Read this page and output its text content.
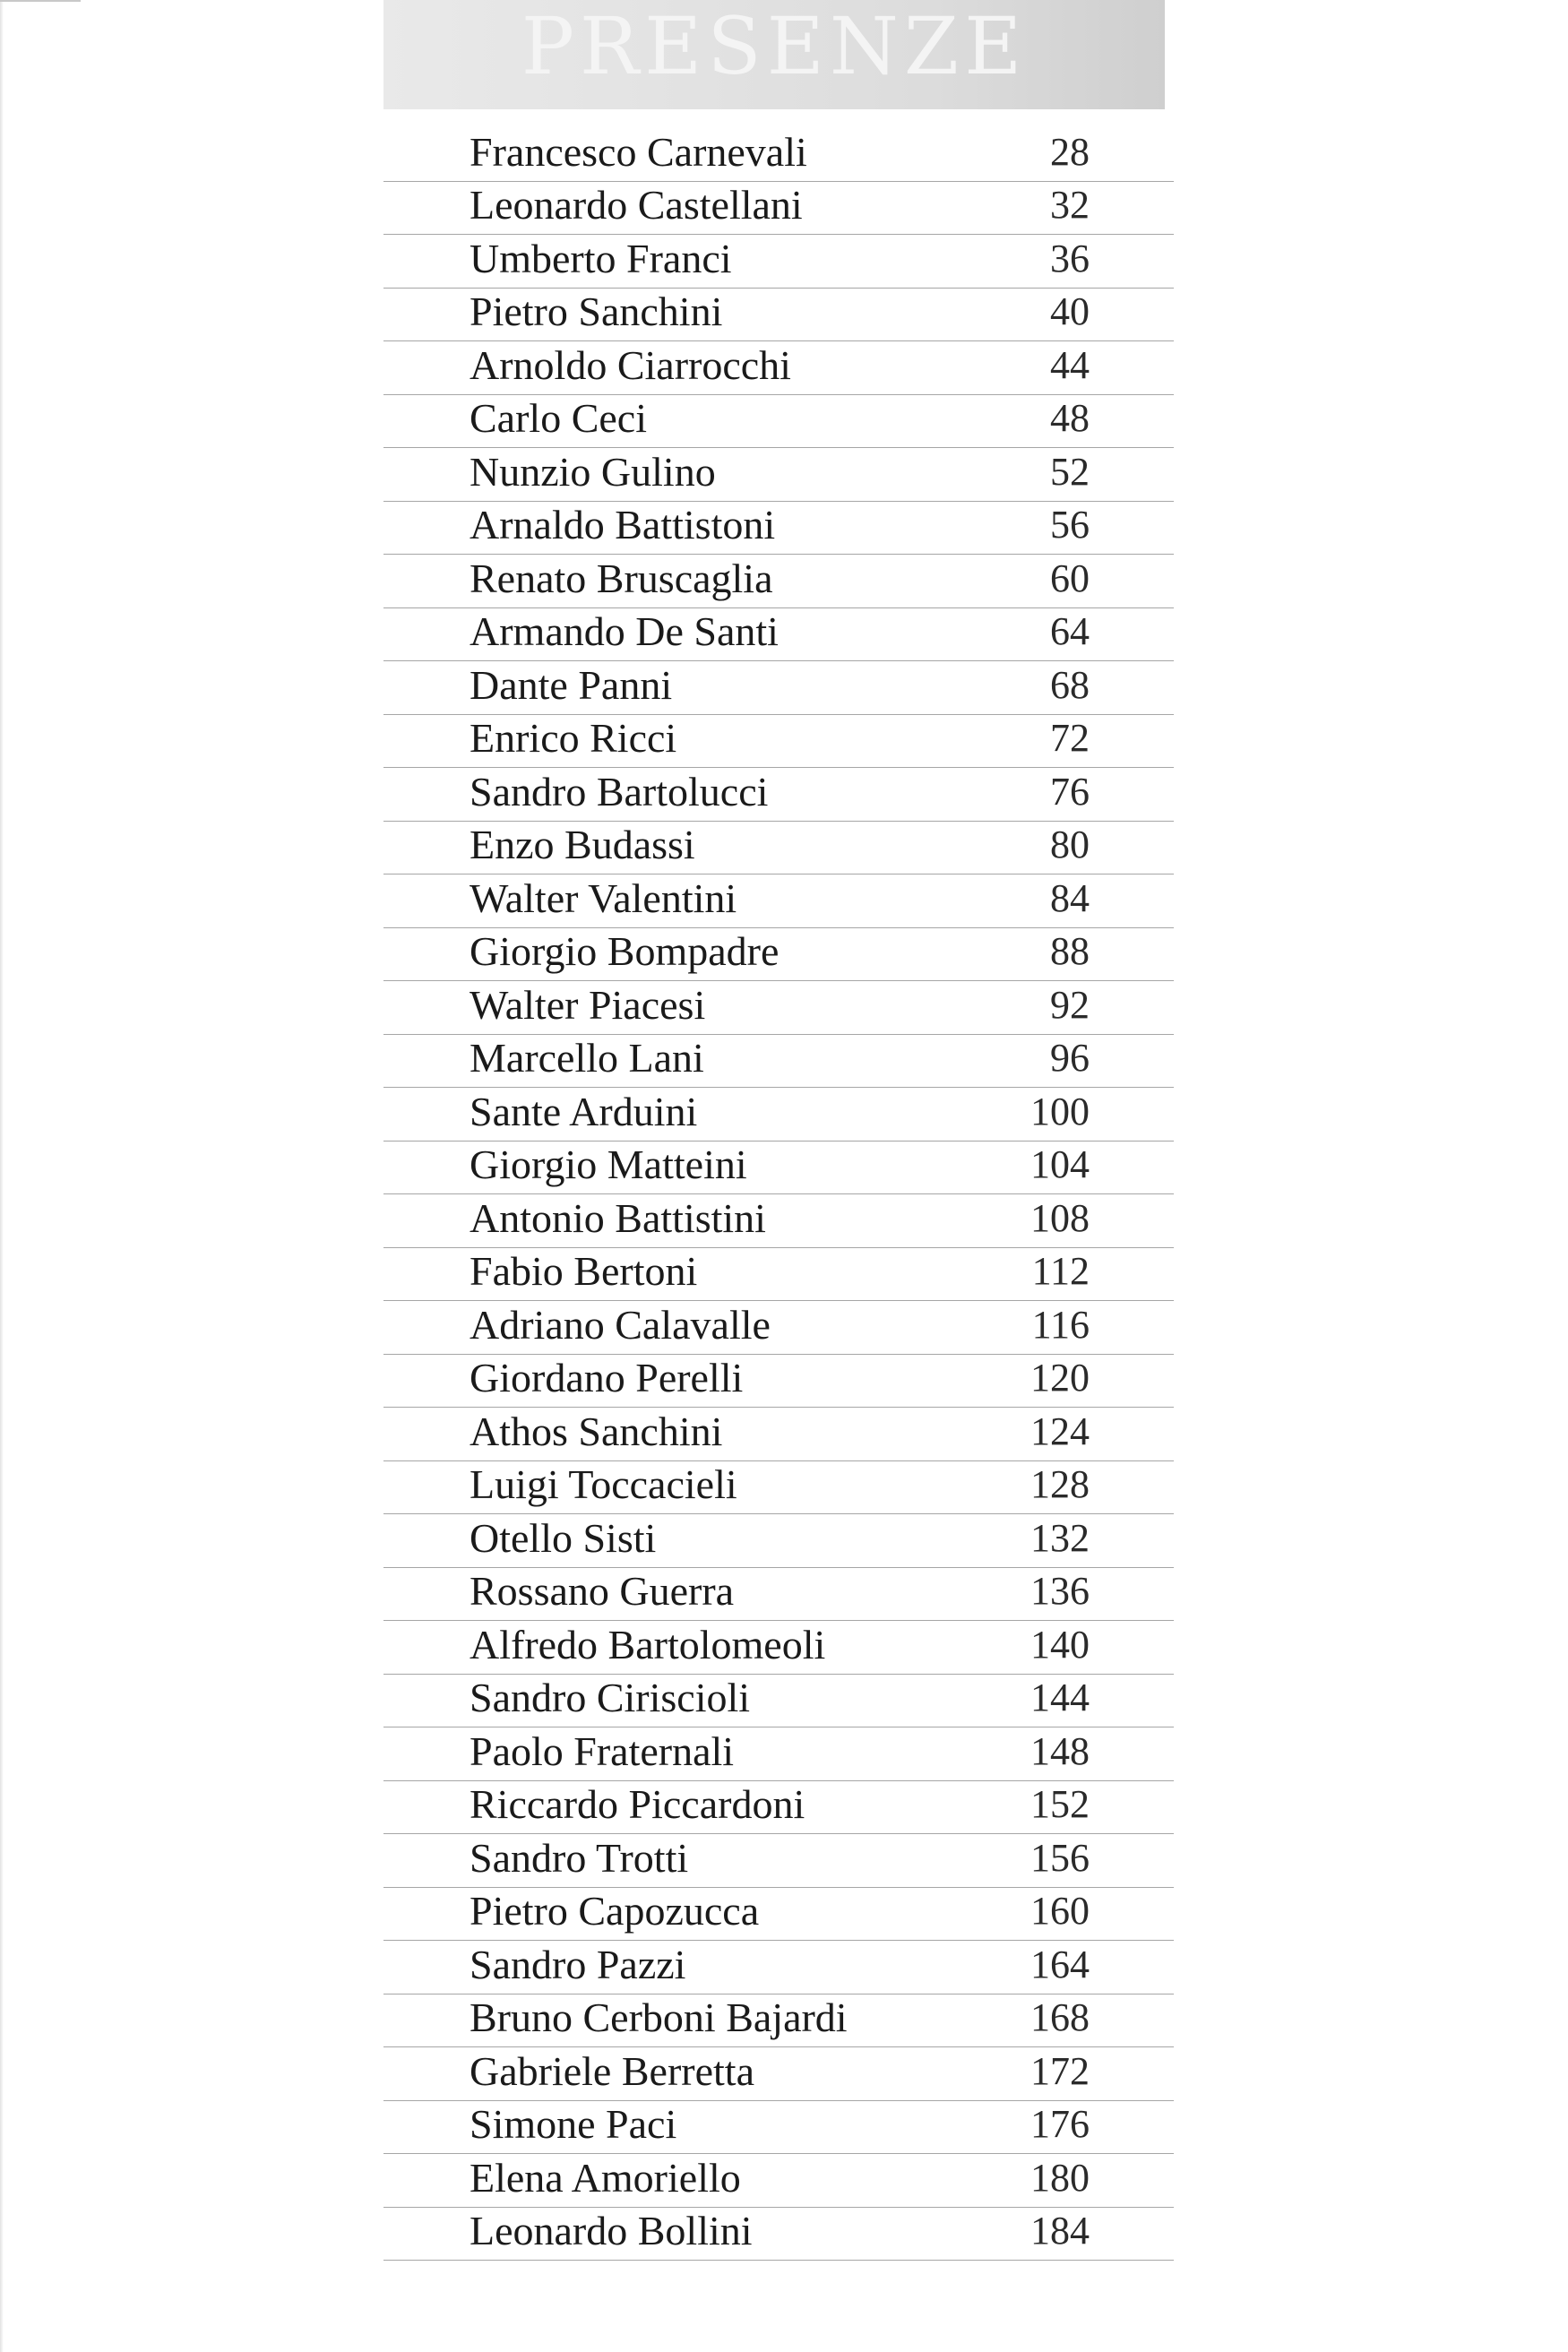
PRESENZE
Francesco Carnevali	28
Leonardo Castellani	32
Umberto Franci	36
Pietro Sanchini	40
Arnoldo Ciarrocchi	44
Carlo Ceci	48
Nunzio Gulino	52
Arnaldo Battistoni	56
Renato Bruscaglia	60
Armando De Santi	64
Dante Panni	68
Enrico Ricci	72
Sandro Bartolucci	76
Enzo Budassi	80
Walter Valentini	84
Giorgio Bompadre	88
Walter Piacesi	92
Marcello Lani	96
Sante Arduini	100
Giorgio Matteini	104
Antonio Battistini	108
Fabio Bertoni	112
Adriano Calavalle	116
Giordano Perelli	120
Athos Sanchini	124
Luigi Toccacieli	128
Otello Sisti	132
Rossano Guerra	136
Alfredo Bartolomeoli	140
Sandro Ciriscioli	144
Paolo Fraternali	148
Riccardo Piccardoni	152
Sandro Trotti	156
Pietro Capozucca	160
Sandro Pazzi	164
Bruno Cerboni Bajardi	168
Gabriele Berretta	172
Simone Paci	176
Elena Amoriello	180
Leonardo Bollini	184
